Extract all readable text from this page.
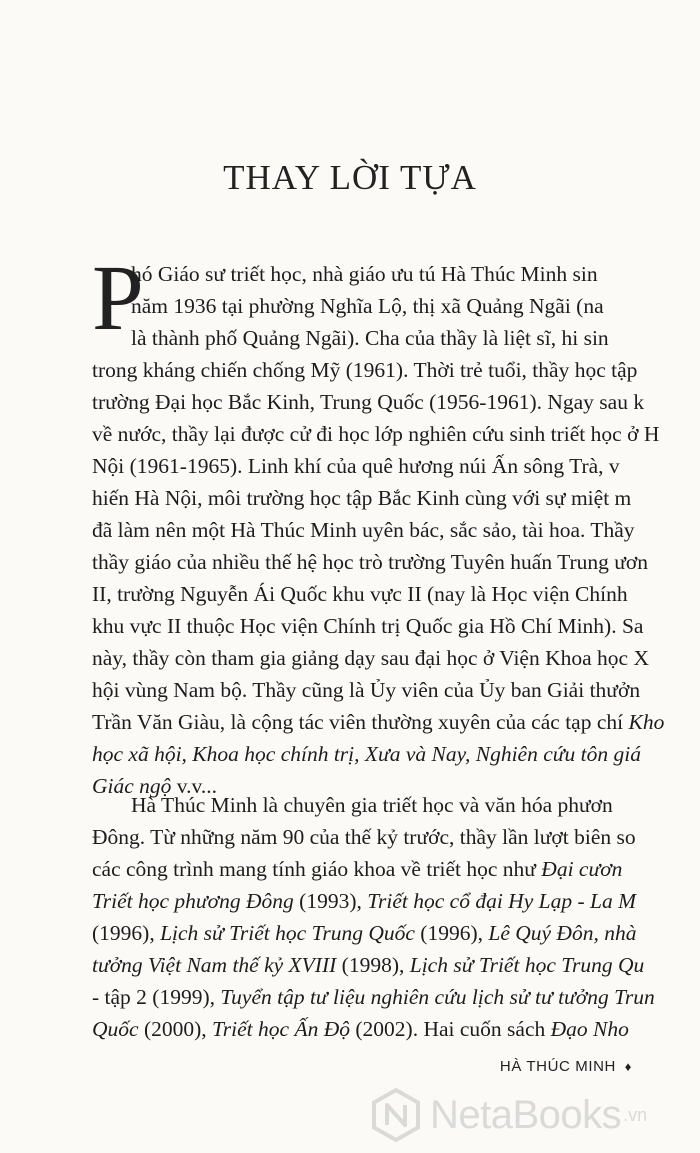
THAY LỜI TỰA
P
hó Giáo sư triết học, nhà giáo ưu tú Hà Thúc Minh sin
năm 1936 tại phường Nghĩa Lộ, thị xã Quảng Ngãi (na
là thành phố Quảng Ngãi). Cha của thầy là liệt sĩ, hi sin
trong kháng chiến chống Mỹ (1961). Thời trẻ tuổi, thầy học tập
trường Đại học Bắc Kinh, Trung Quốc (1956-1961). Ngay sau k
về nước, thầy lại được cử đi học lớp nghiên cứu sinh triết học ở H
Nội (1961-1965). Linh khí của quê hương núi Ấn sông Trà, v
hiến Hà Nội, môi trường học tập Bắc Kinh cùng với sự miệt m
đã làm nên một Hà Thúc Minh uyên bác, sắc sảo, tài hoa. Thầy
thầy giáo của nhiều thế hệ học trò trường Tuyên huấn Trung ươn
II, trường Nguyễn Ái Quốc khu vực II (nay là Học viện Chính
khu vực II thuộc Học viện Chính trị Quốc gia Hồ Chí Minh). Sa
này, thầy còn tham gia giảng dạy sau đại học ở Viện Khoa học X
hội vùng Nam bộ. Thầy cũng là Ủy viên của Ủy ban Giải thưởn
Trần Văn Giàu, là cộng tác viên thường xuyên của các tạp chí Kho
học xã hội, Khoa học chính trị, Xưa và Nay, Nghiên cứu tôn giá
Giác ngộ v.v...
Hà Thúc Minh là chuyên gia triết học và văn hóa phươn
Đông. Từ những năm 90 của thế kỷ trước, thầy lần lượt biên so
các công trình mang tính giáo khoa về triết học như Đại cươn
Triết học phương Đông (1993), Triết học cổ đại Hy Lạp - La M
(1996), Lịch sử Triết học Trung Quốc (1996), Lê Quý Đôn, nhà
tưởng Việt Nam thế kỷ XVIII (1998), Lịch sử Triết học Trung Qu
- tập 2 (1999), Tuyển tập tư liệu nghiên cứu lịch sử tư tưởng Trun
Quốc (2000), Triết học Ấn Độ (2002). Hai cuốn sách Đạo Nho
HÀ THÚC MINH ♦
NetaBooks .vn
